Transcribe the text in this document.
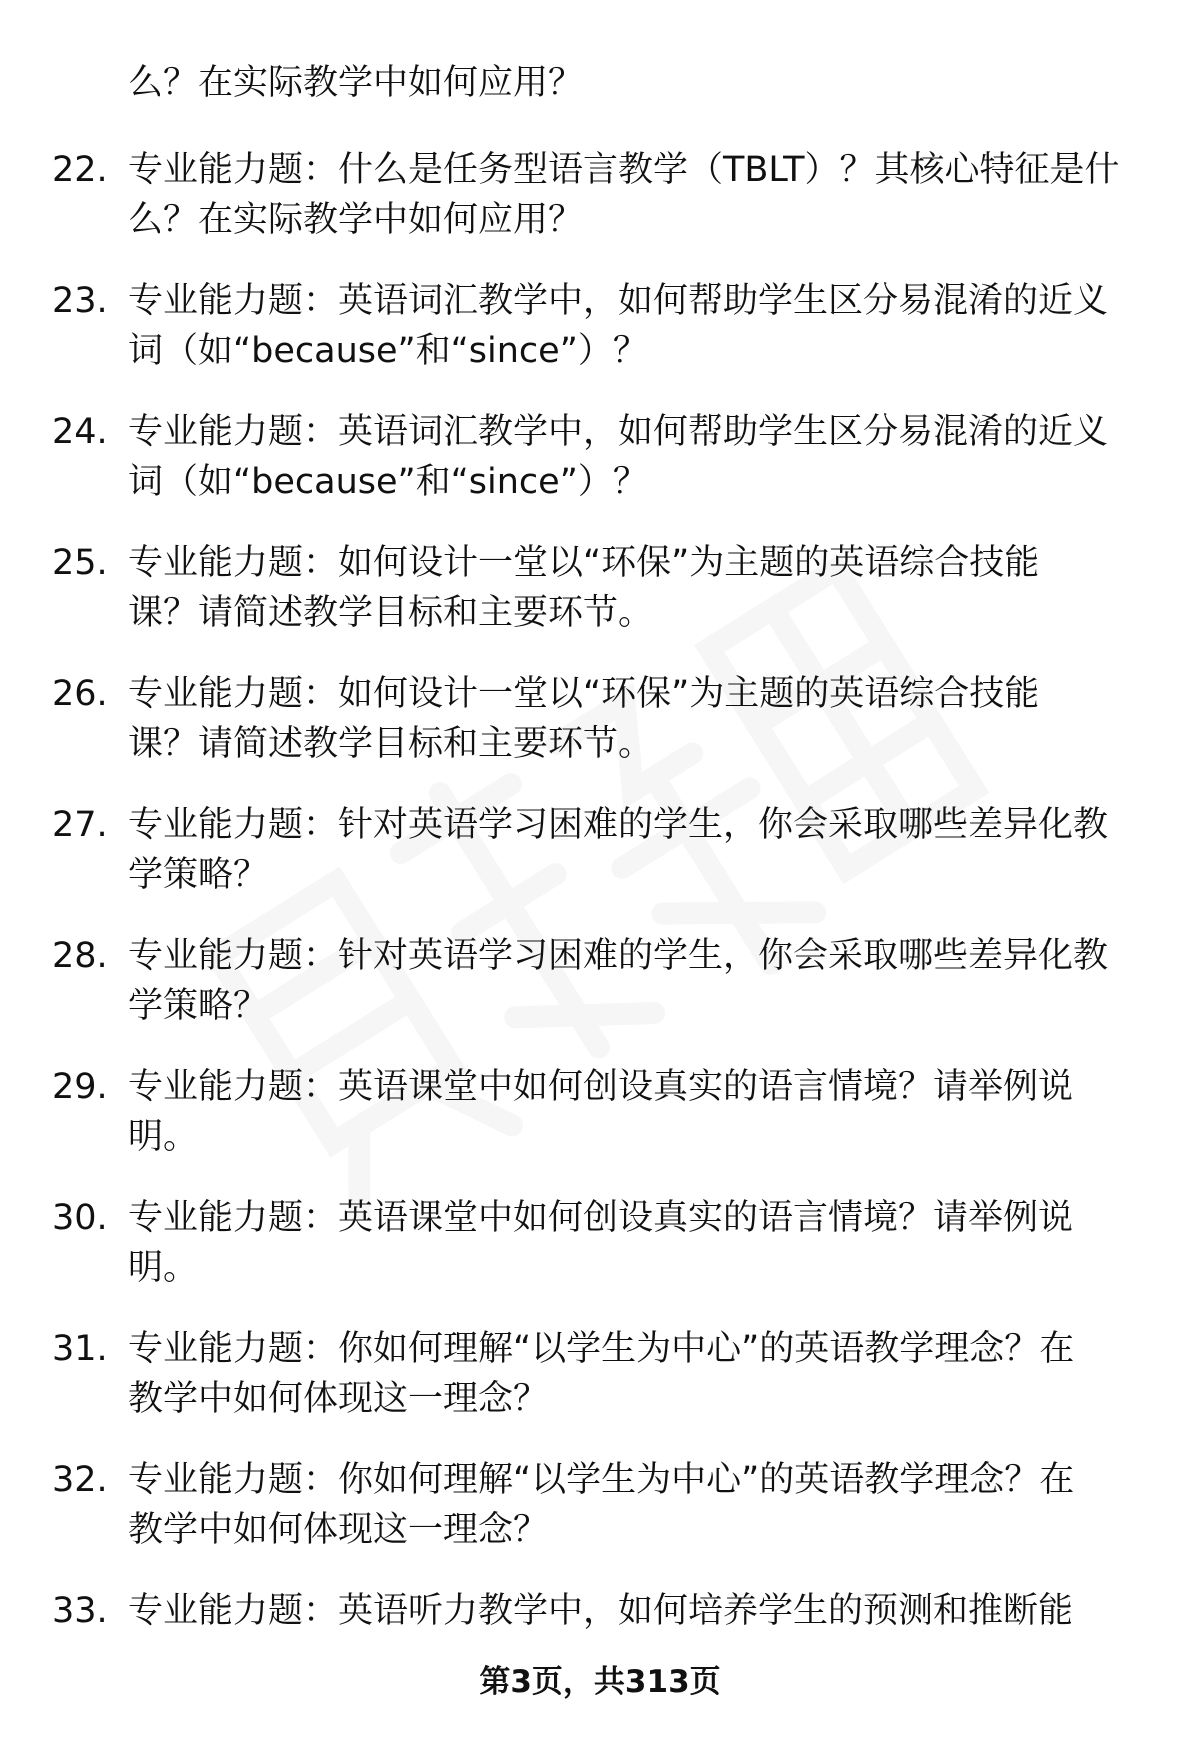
么？在实际教学中如何应用？
22. 专业能力题：什么是任务型语言教学（TBLT）？其核心特征是什
么？在实际教学中如何应用？
23. 专业能力题：英语词汇教学中，如何帮助学生区分易混淆的近义
词（如“because”和“since”）？
24. 专业能力题：英语词汇教学中，如何帮助学生区分易混淆的近义
词（如“because”和“since”）？
25. 专业能力题：如何设计一堂以“环保”为主题的英语综合技能
课？请简述教学目标和主要环节。
26. 专业能力题：如何设计一堂以“环保”为主题的英语综合技能
课？请简述教学目标和主要环节。
27. 专业能力题：针对英语学习困难的学生，你会采取哪些差异化教
学策略？
28. 专业能力题：针对英语学习困难的学生，你会采取哪些差异化教
学策略？
29. 专业能力题：英语课堂中如何创设真实的语言情境？请举例说
明。
30. 专业能力题：英语课堂中如何创设真实的语言情境？请举例说
明。
31. 专业能力题：你如何理解“以学生为中心”的英语教学理念？在
教学中如何体现这一理念？
32. 专业能力题：你如何理解“以学生为中心”的英语教学理念？在
教学中如何体现这一理念？
33. 专业能力题：英语听力教学中，如何培养学生的预测和推断能
第3页，共313页
